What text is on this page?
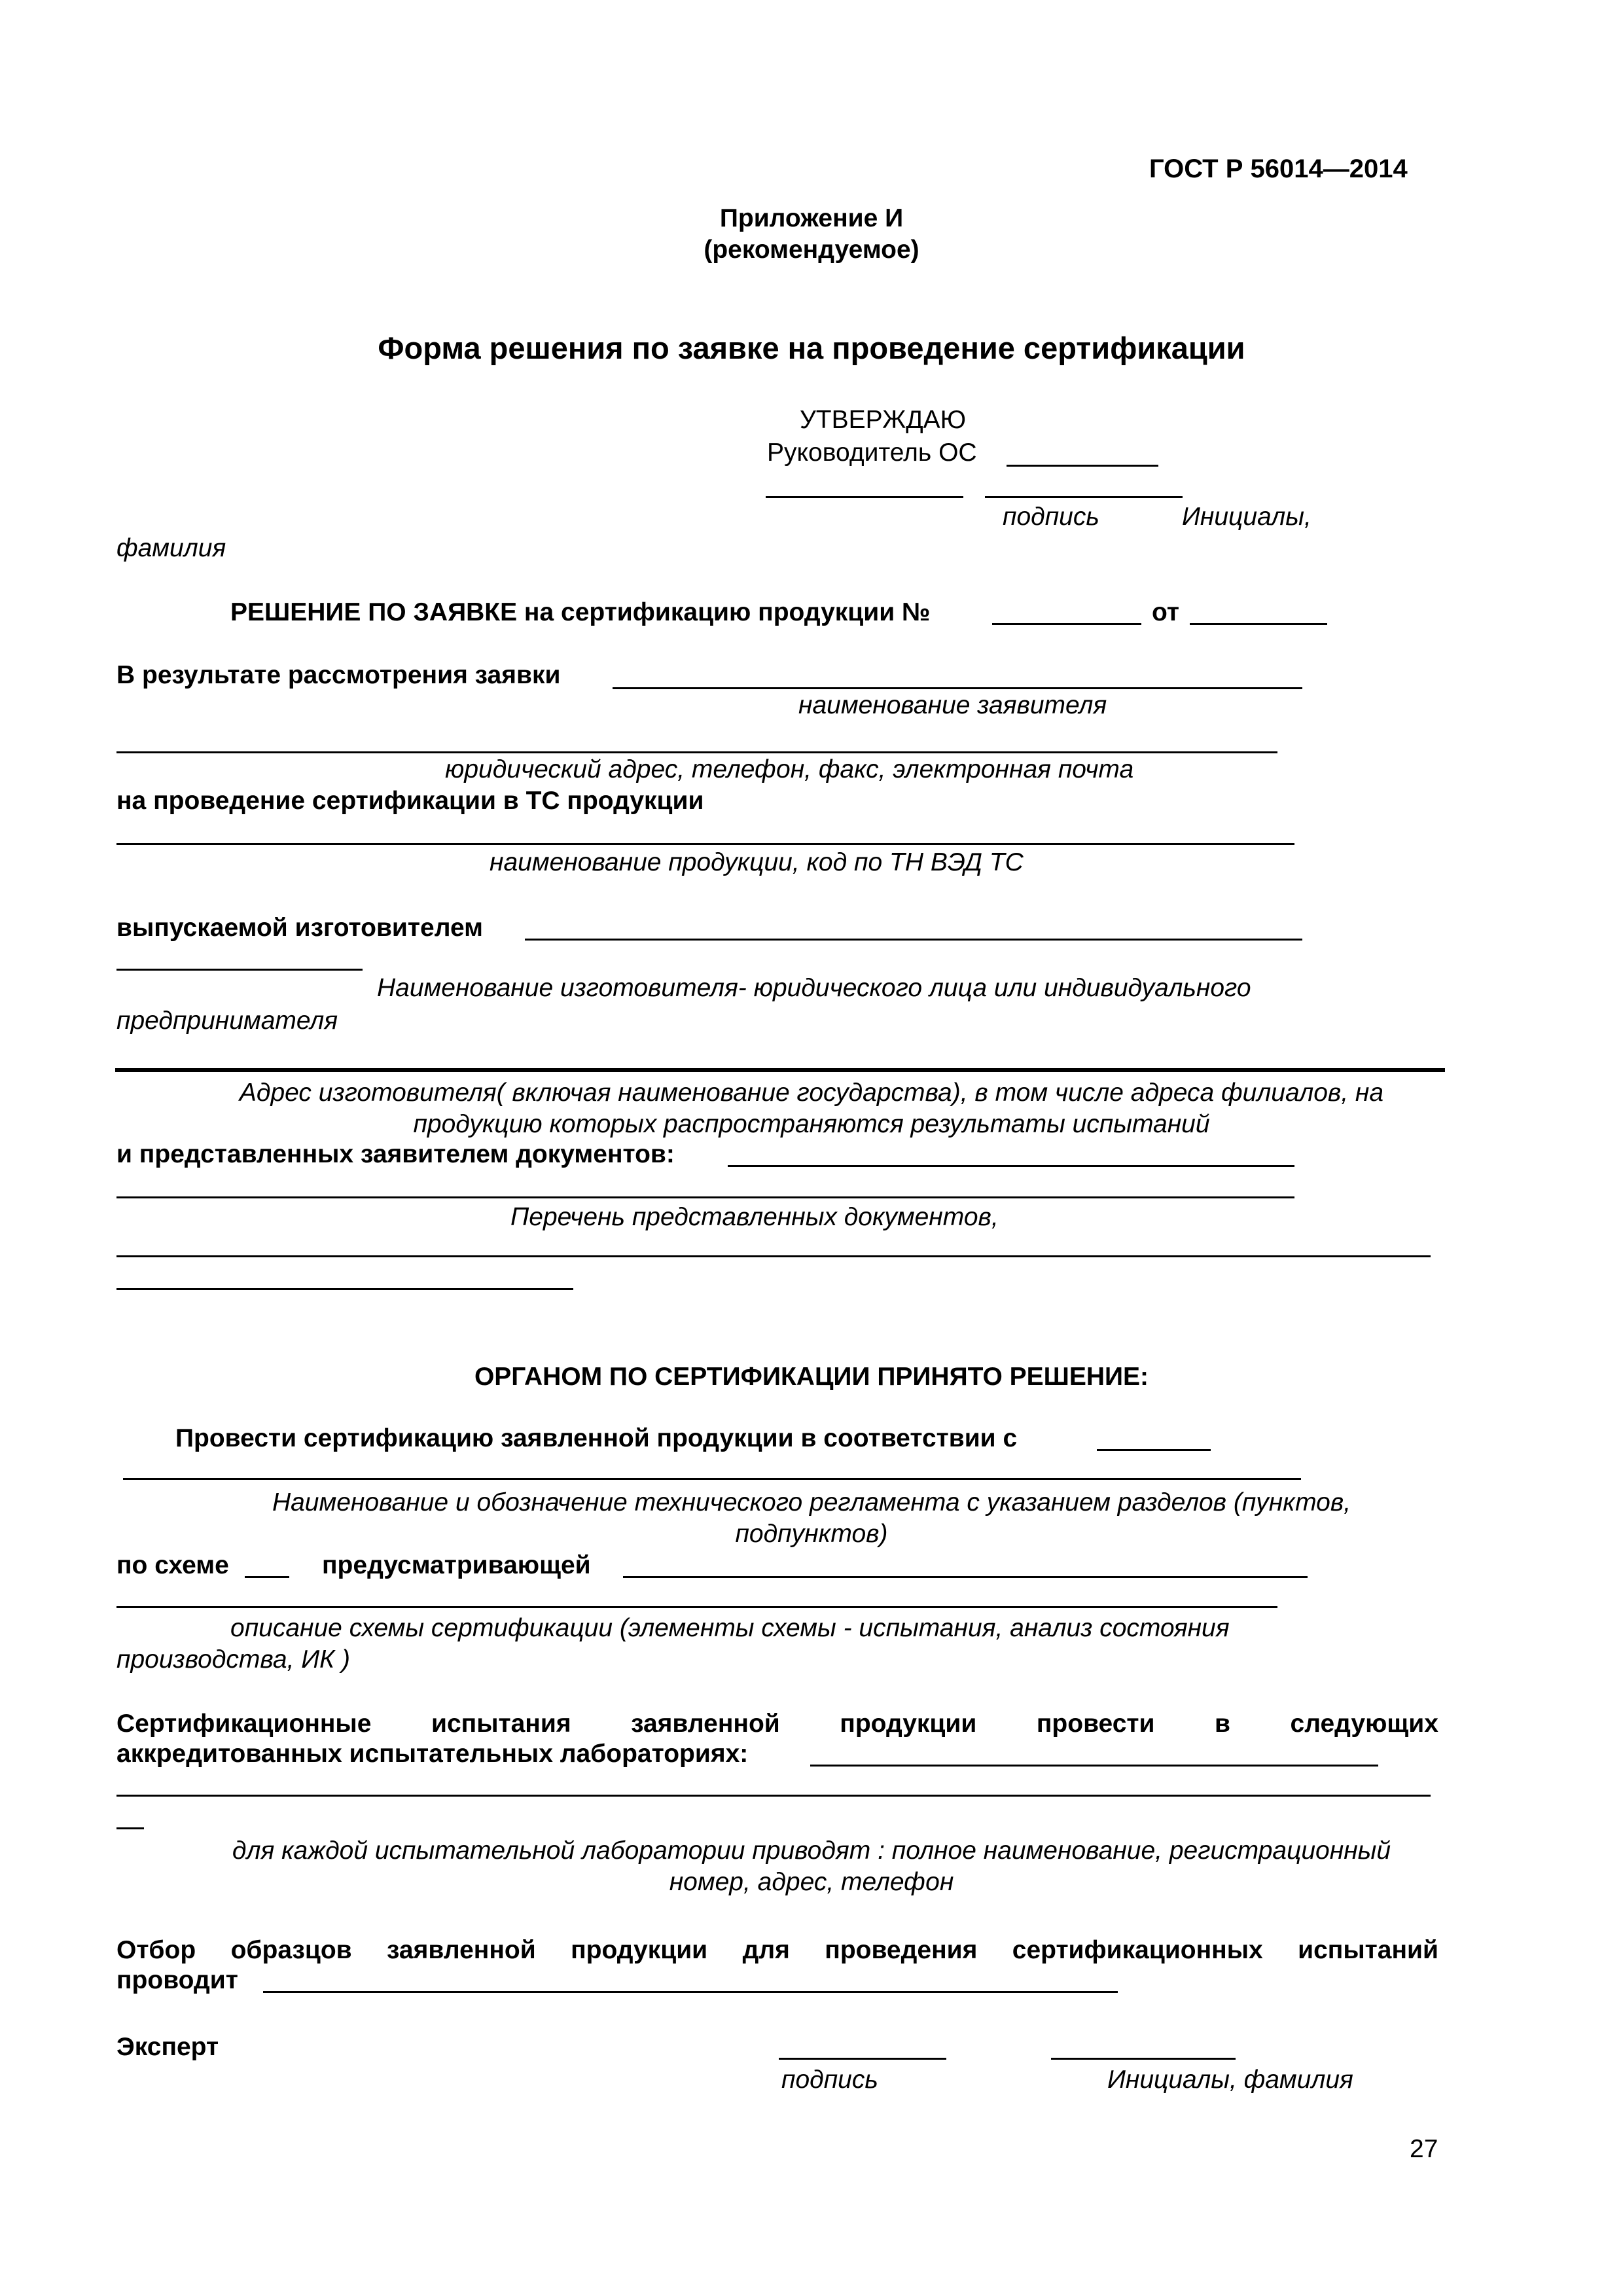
ГОСТ Р 56014—2014
Приложение И
(рекомендуемое)
Форма решения по заявке на проведение сертификации
УТВЕРЖДАЮ
Руководитель ОС
подпись	Инициалы,
фамилия
РЕШЕНИЕ ПО ЗАЯВКЕ на сертификацию продукции №	от
В результате рассмотрения заявки
наименование заявителя
юридический адрес, телефон, факс, электронная почта
на проведение сертификации в ТС продукции
наименование продукции, код по ТН ВЭД ТС
выпускаемой изготовителем
Наименование изготовителя- юридического лица или индивидуального
предпринимателя
Адрес изготовителя( включая наименование государства), в том числе адреса филиалов, на
продукцию которых распространяются результаты испытаний
и представленных заявителем документов:
Перечень представленных документов,
ОРГАНОМ ПО СЕРТИФИКАЦИИ ПРИНЯТО РЕШЕНИЕ:
Провести сертификацию заявленной продукции в соответствии с
Наименование и обозначение технического регламента с указанием разделов (пунктов,
подпунктов)
по схеме	предусматривающей
описание схемы сертификации (элементы схемы - испытания, анализ состояния
производства, ИК )
Сертификационные испытания заявленной продукции провести в следующих
аккредитованных испытательных лабораториях:
для каждой испытательной лаборатории приводят : полное наименование, регистрационный
номер, адрес, телефон
Отбор образцов заявленной продукции для проведения сертификационных испытаний
проводит
Эксперт
подпись	Инициалы, фамилия
27
